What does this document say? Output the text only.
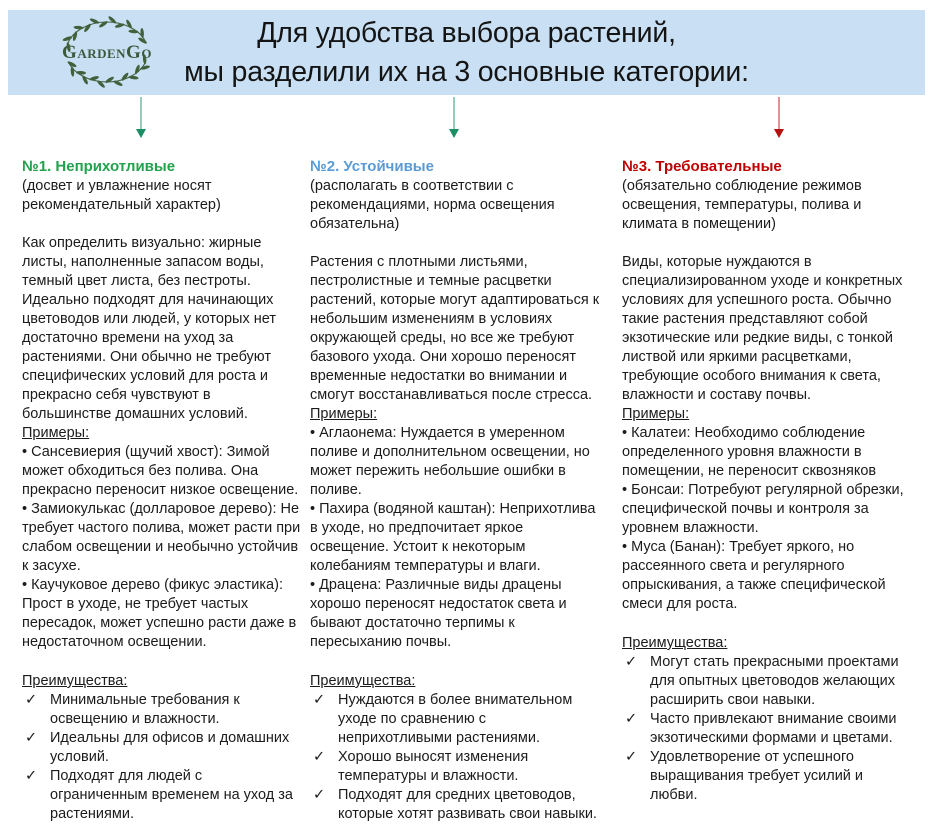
GardenGo
Для удобства выбора растений,
мы разделили их на 3 основные категории:
№1. Неприхотливые
(досвет и увлажнение носят рекомендательный характер)

Как определить визуально: жирные листы, наполненные запасом воды, темный цвет листа, без пестроты. Идеально подходят для начинающих цветоводов или людей, у которых нет достаточно времени на уход за растениями. Они обычно не требуют специфических условий для роста и прекрасно себя чувствуют в большинстве домашних условий.

Примеры:
• Сансевиерия (щучий хвост): Зимой может обходиться без полива. Она прекрасно переносит низкое освещение.
• Замиокулькас (долларовое дерево): Не требует частого полива, может расти при слабом освещении и необычно устойчив к засухе.
• Каучуковое дерево (фикус эластика): Прост в уходе, не требует частых пересадок, может успешно расти даже в недостаточном освещении.
Преимущества:
✓ Минимальные требования к освещению и влажности.
✓ Идеальны для офисов и домашних условий.
✓ Подходят для людей с ограниченным временем на уход за растениями.
№2. Устойчивые
(располагать в соответствии с рекомендациями, норма освещения обязательна)

Растения с плотными листьями, пестролистные и темные расцветки растений, которые могут адаптироваться к небольшим изменениям в условиях окружающей среды, но все же требуют базового ухода. Они хорошо переносят временные недостатки во внимании и смогут восстанавливаться после стресса.

Примеры:
• Аглаонема: Нуждается в умеренном поливе и дополнительном освещении, но может пережить небольшие ошибки в поливе.
• Пахира (водяной каштан): Неприхотлива в уходе, но предпочитает яркое освещение. Устоит к некоторым колебаниям температуры и влаги.
• Драцена: Различные виды драцены хорошо переносят недостаток света и бывают достаточно терпимы к пересыханию почвы.
Преимущества:
✓ Нуждаются в более внимательном уходе по сравнению с неприхотливыми растениями.
✓ Хорошо выносят изменения температуры и влажности.
✓ Подходят для средних цветоводов, которые хотят развивать свои навыки.
№3. Требовательные
(обязательно соблюдение режимов освещения, температуры, полива и климата в помещении)

Виды, которые нуждаются в специализированном уходе и конкретных условиях для успешного роста. Обычно такие растения представляют собой экзотические или редкие виды, с тонкой листвой или яркими расцветками, требующие особого внимания к света, влажности и составу почвы.

Примеры:
• Калатеи: Необходимо соблюдение определенного уровня влажности в помещении, не переносит сквозняков
• Бонсаи: Потребуют регулярной обрезки, специфической почвы и контроля за уровнем влажности.
• Муса (Банан): Требует яркого, но рассеянного света и регулярного опрыскивания, а также специфической смеси для роста.
Преимущества:
✓ Могут стать прекрасными проектами для опытных цветоводов желающих расширить свои навыки.
✓ Часто привлекают внимание своими экзотическими формами и цветами.
✓ Удовлетворение от успешного выращивания требует усилий и любви.
